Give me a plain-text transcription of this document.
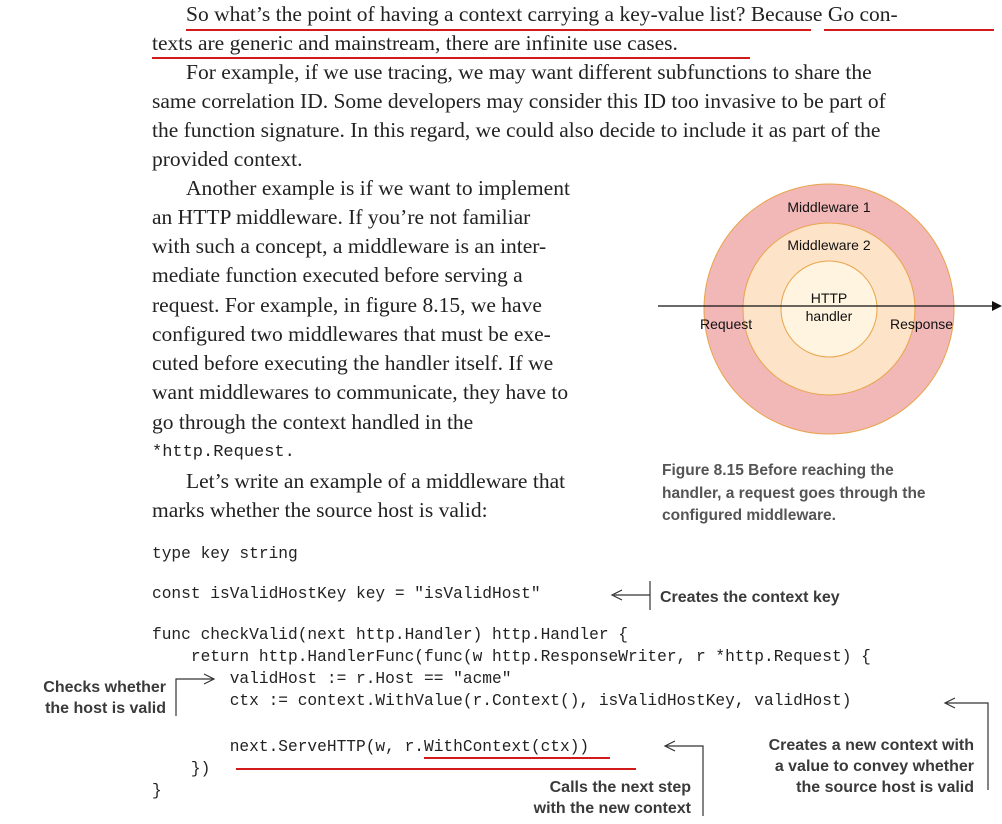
So what’s the point of having a context carrying a key-value list? Because Go con-
texts are generic and mainstream, there are infinite use cases.
For example, if we use tracing, we may want different subfunctions to share the
same correlation ID. Some developers may consider this ID too invasive to be part of
the function signature. In this regard, we could also decide to include it as part of the
provided context.
Another example is if we want to implement
an HTTP middleware. If you’re not familiar
with such a concept, a middleware is an inter-
mediate function executed before serving a
request. For example, in figure 8.15, we have
configured two middlewares that must be exe-
cuted before executing the handler itself. If we
want middlewares to communicate, they have to
go through the context handled in the
*http.Request.
Let’s write an example of a middleware that
marks whether the source host is valid:
Middleware 1
Middleware 2
HTTP
handler
Request	Response
Figure 8.15 Before reaching the
handler, a request goes through the
configured middleware.
type key string
const isValidHostKey key = "isValidHost"
func checkValid(next http.Handler) http.Handler {
return http.HandlerFunc(func(w http.ResponseWriter, r *http.Request) {
validHost := r.Host == "acme"
ctx := context.WithValue(r.Context(), isValidHostKey, validHost)
next.ServeHTTP(w, r.WithContext(ctx))
})
}
Creates the context key
Checks whether
the host is valid
Creates a new context with
a value to convey whether
the source host is valid
Calls the next step
with the new context
